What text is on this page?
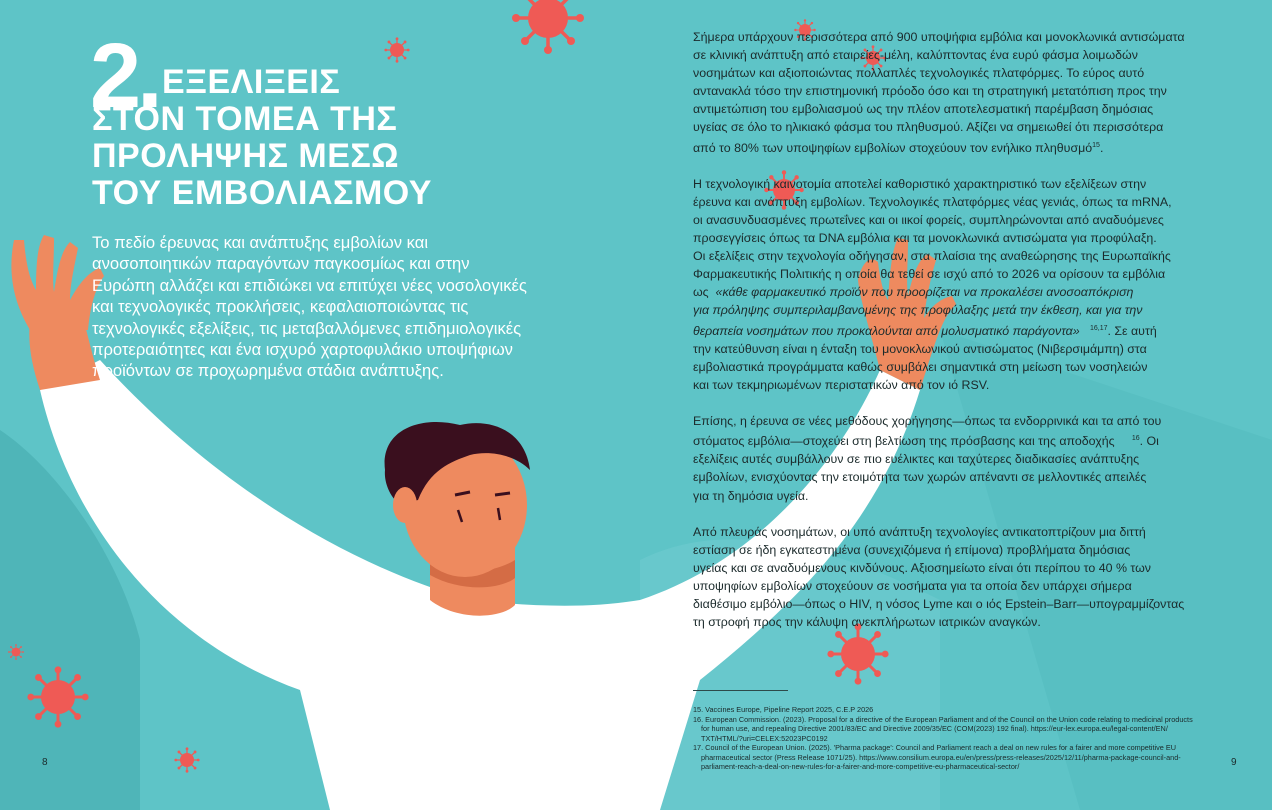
2. ΕΞΕΛΙΞΕΙΣ
ΣΤΟΝ ΤΟΜΕΑ ΤΗΣ
ΠΡΟΛΗΨΗΣ ΜΕΣΩ
ΤΟΥ ΕΜΒΟΛΙΑΣΜΟΥ

Το πεδίο έρευνας και ανάπτυξης εμβολίων και

ανοσοποιητικών παραγόντων παγκοσμίως και στην

Ευρώπη αλλάζει και επιδιώκει να επιτύχει νέες νοσολογικές

και τεχνολογικές προκλήσεις, κεφαλαιοποιώντας τις

τεχνολογικές εξελίξεις, τις μεταβαλλόμενες επιδημιολογικές

προτεραιότητες και ένα ισχυρό χαρτοφυλάκιο υποψήφιων

προϊόντων σε προχωρημένα στάδια ανάπτυξης.

8

Σήμερα υπάρχουν περισσότερα από 900 υποψήφια εμβόλια και μονοκλωνικά αντισώματα
σε κλινική ανάπτυξη από εταιρείες-μέλη, καλύπτοντας ένα ευρύ φάσμα λοιμωδών
νοσημάτων και αξιοποιώντας πολλαπλές τεχνολογικές πλατφόρμες. Το εύρος αυτό
αντανακλά τόσο την επιστημονική πρόοδο όσο και τη στρατηγική μετατόπιση προς την
αντιμετώπιση του εμβολιασμού ως την πλέον αποτελεσματική παρέμβαση δημόσιας
υγείας σε όλο το ηλικιακό φάσμα του πληθυσμού. Αξίζει να σημειωθεί ότι περισσότερα
από το 80% των υποψηφίων εμβολίων στοχεύουν τον ενήλικο πληθυσμό$^{15}$.

Η τεχνολογική καινοτομία αποτελεί καθοριστικό χαρακτηριστικό των εξελίξεων στην
έρευνα και ανάπτυξη εμβολίων. Τεχνολογικές πλατφόρμες νέας γενιάς, όπως τα mRNA,
οι ανασυνδυασμένες πρωτεΐνες και οι ιικοί φορείς, συμπληρώνονται από αναδυόμενες
προσεγγίσεις όπως τα DNA εμβόλια και τα μονοκλωνικά αντισώματα για προφύλαξη.
Οι εξελίξεις στην τεχνολογία οδήγησαν, στα πλαίσια της αναθεώρησης της Ευρωπαϊκής
Φαρμακευτικής Πολιτικής η οποία θα τεθεί σε ισχύ από το 2026 να ορίσουν τα εμβόλια
ως «κάθε φαρμακευτικό προϊόν που προορίζεται να προκαλέσει ανοσοαπόκριση
για πρόληψης συμπεριλαμβανομένης της προφύλαξης μετά την έκθεση, και για την
θεραπεία νοσημάτων που προκαλούνται από μολυσματικό παράγοντα» $^{16,17}$. Σε αυτή
την κατεύθυνση είναι η ένταξη του μονοκλωνικού αντισώματος (Νιβερσιμάμπη) στα
εμβολιαστικά προγράμματα καθώς συμβάλει σημαντικά στη μείωση των νοσηλειών
και των τεκμηριωμένων περιστατικών από τον ιό RSV.

Επίσης, η έρευνα σε νέες μεθόδους χορήγησης—όπως τα ενδορρινικά και τα από του
στόματος εμβόλια—στοχεύει στη βελτίωση της πρόσβασης και της αποδοχής $^{16}$. Οι
εξελίξεις αυτές συμβάλλουν σε πιο ευέλικτες και ταχύτερες διαδικασίες ανάπτυξης
εμβολίων, ενισχύοντας την ετοιμότητα των χωρών απέναντι σε μελλοντικές απειλές
για τη δημόσια υγεία.

Από πλευράς νοσημάτων, οι υπό ανάπτυξη τεχνολογίες αντικατοπτρίζουν μια διττή
εστίαση σε ήδη εγκατεστημένα (συνεχιζόμενα ή επίμονα) προβλήματα δημόσιας
υγείας και σε αναδυόμενους κινδύνους. Αξιοσημείωτο είναι ότι περίπου το 40 % των
υποψηφίων εμβολίων στοχεύουν σε νοσήματα για τα οποία δεν υπάρχει σήμερα
διαθέσιμο εμβόλιο—όπως ο HIV, η νόσος Lyme και ο ιός Epstein–Barr—υπογραμμίζοντας
τη στροφή προς την κάλυψη ανεκπλήρωτων ιατρικών αναγκών.

15. Vaccines Europe, Pipeline Report 2025, C.E.P 2026
16. European Commission. (2023). Proposal for a directive of the European Parliament and of the Council on the Union code relating to medicinal products
for human use, and repealing Directive 2001/83/EC and Directive 2009/35/EC (COM(2023) 192 final). https://eur-lex.europa.eu/legal-content/EN/
TXT/HTML/?uri=CELEX:52023PC0192
17. Council of the European Union. (2025). 'Pharma package': Council and Parliament reach a deal on new rules for a fairer and more competitive EU
pharmaceutical sector (Press Release 1071/25). https://www.consilium.europa.eu/en/press/press-releases/2025/12/11/pharma-package-council-and-
parliament-reach-a-deal-on-new-rules-for-a-fairer-and-more-competitive-eu-pharmaceutical-sector/	9
